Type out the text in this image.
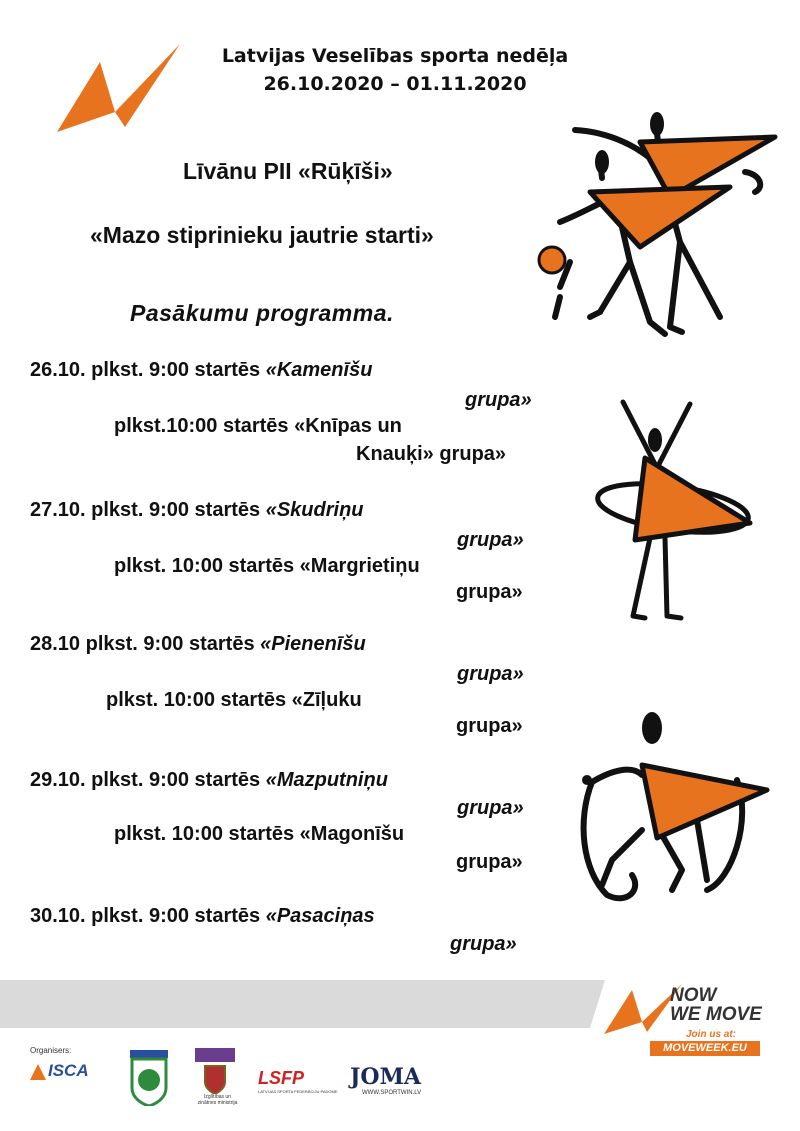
Latvijas Veselības sporta nedēļa
26.10.2020 – 01.11.2020
Līvānu PII «Rūķīši»
«Mazo stiprinieku jautrie starti»
Pasākumu programma.
26.10. plkst. 9:00 startēs «Kamenīšu
grupa»
plkst.10:00 startēs «Knīpas un
Knauķi» grupa»
27.10. plkst. 9:00 startēs «Skudriņu
grupa»
plkst. 10:00 startēs «Margrietiņu
grupa»
28.10 plkst. 9:00 startēs «Pienenīšu
grupa»
plkst. 10:00 startēs «Zīļuku
grupa»
29.10. plkst. 9:00 startēs «Mazputniņu
grupa»
plkst. 10:00 startēs «Magonīšu
grupa»
30.10. plkst. 9:00 startēs «Pasaciņas
grupa»
NOW
WE MOVE
Join us at:
MOVEWEEK.EU
Organisers:
ISCA
Izglītības un zinātnes ministrija
LSFP
LATVIJAS SPORTA FEDERĀCIJU PADOME
JOMA
WWW.SPORTWIN.LV
